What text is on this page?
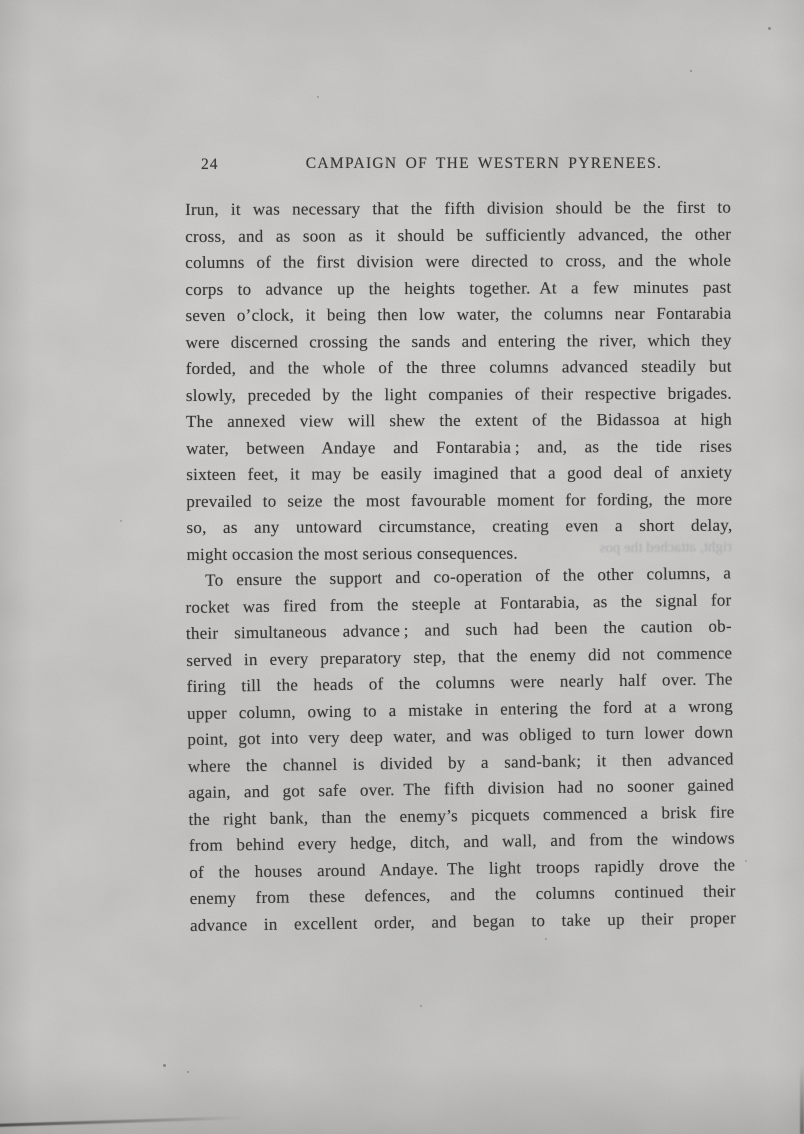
24	CAMPAIGN OF THE WESTERN PYRENEES.
Irun, it was necessary that the fifth division should be the first to
cross, and as soon as it should be sufficiently advanced, the other
columns of the first division were directed to cross, and the whole
corps to advance up the heights together. At a few minutes past
seven o’clock, it being then low water, the columns near Fontarabia
were discerned crossing the sands and entering the river, which they
forded, and the whole of the three columns advanced steadily but
slowly, preceded by the light companies of their respective brigades.
The annexed view will shew the extent of the Bidassoa at high
water, between Andaye and Fontarabia ; and, as the tide rises
sixteen feet, it may be easily imagined that a good deal of anxiety
prevailed to seize the most favourable moment for fording, the more
so, as any untoward circumstance, creating even a short delay,
might occasion the most serious consequences.
To ensure the support and co-operation of the other columns, a
rocket was fired from the steeple at Fontarabia, as the signal for
their simultaneous advance ; and such had been the caution ob-
served in every preparatory step, that the enemy did not commence
firing till the heads of the columns were nearly half over. The
upper column, owing to a mistake in entering the ford at a wrong
point, got into very deep water, and was obliged to turn lower down
where the channel is divided by a sand-bank; it then advanced
again, and got safe over. The fifth division had no sooner gained
the right bank, than the enemy’s picquets commenced a brisk fire
from behind every hedge, ditch, and wall, and from the windows
of the houses around Andaye. The light troops rapidly drove the
enemy from these defences, and the columns continued their
advance in excellent order, and began to take up their proper
right, attached the pos
